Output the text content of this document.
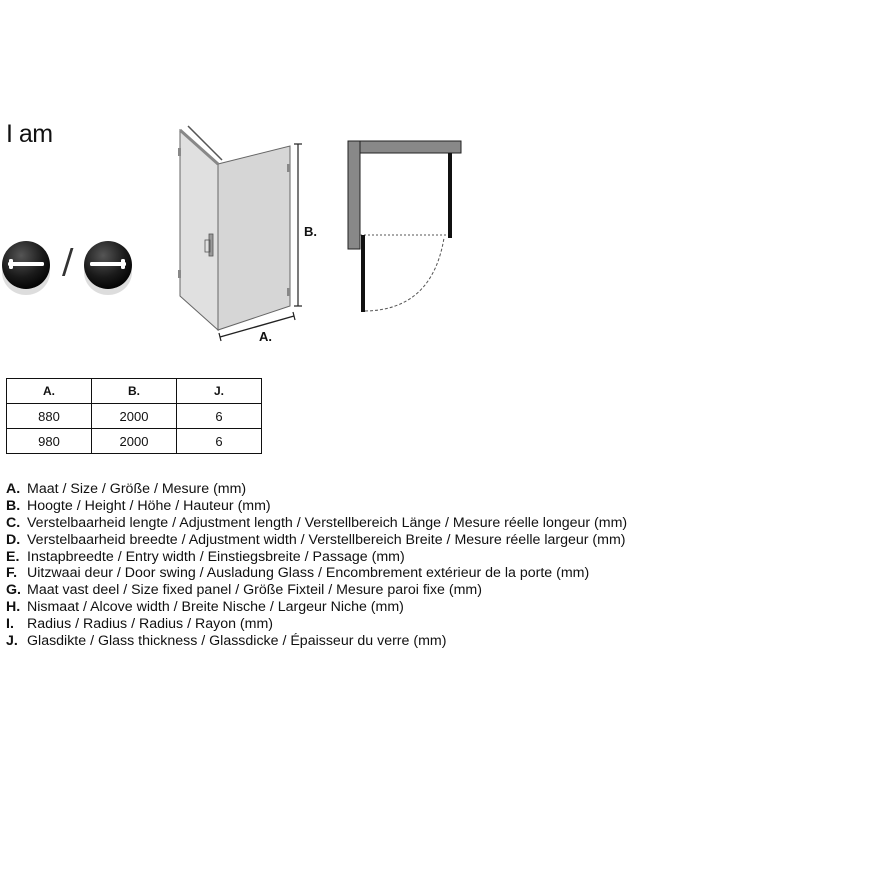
I am
/
B.
A.
A.	B.	J.
880	2000	6
980	2000	6
A. Maat / Size / Größe / Mesure (mm)
B. Hoogte / Height / Höhe / Hauteur (mm)
C. Verstelbaarheid lengte / Adjustment length / Verstellbereich Länge / Mesure réelle longeur (mm)
D. Verstelbaarheid breedte / Adjustment width / Verstellbereich Breite / Mesure réelle largeur (mm)
E. Instapbreedte / Entry width / Einstiegsbreite / Passage (mm)
F. Uitzwaai deur / Door swing / Ausladung Glass / Encombrement extérieur de la porte (mm)
G. Maat vast deel / Size fixed panel / Größe Fixteil / Mesure paroi fixe (mm)
H. Nismaat / Alcove width / Breite Nische / Largeur Niche (mm)
I. Radius / Radius / Radius / Rayon (mm)
J. Glasdikte / Glass thickness / Glassdicke / Épaisseur du verre (mm)
